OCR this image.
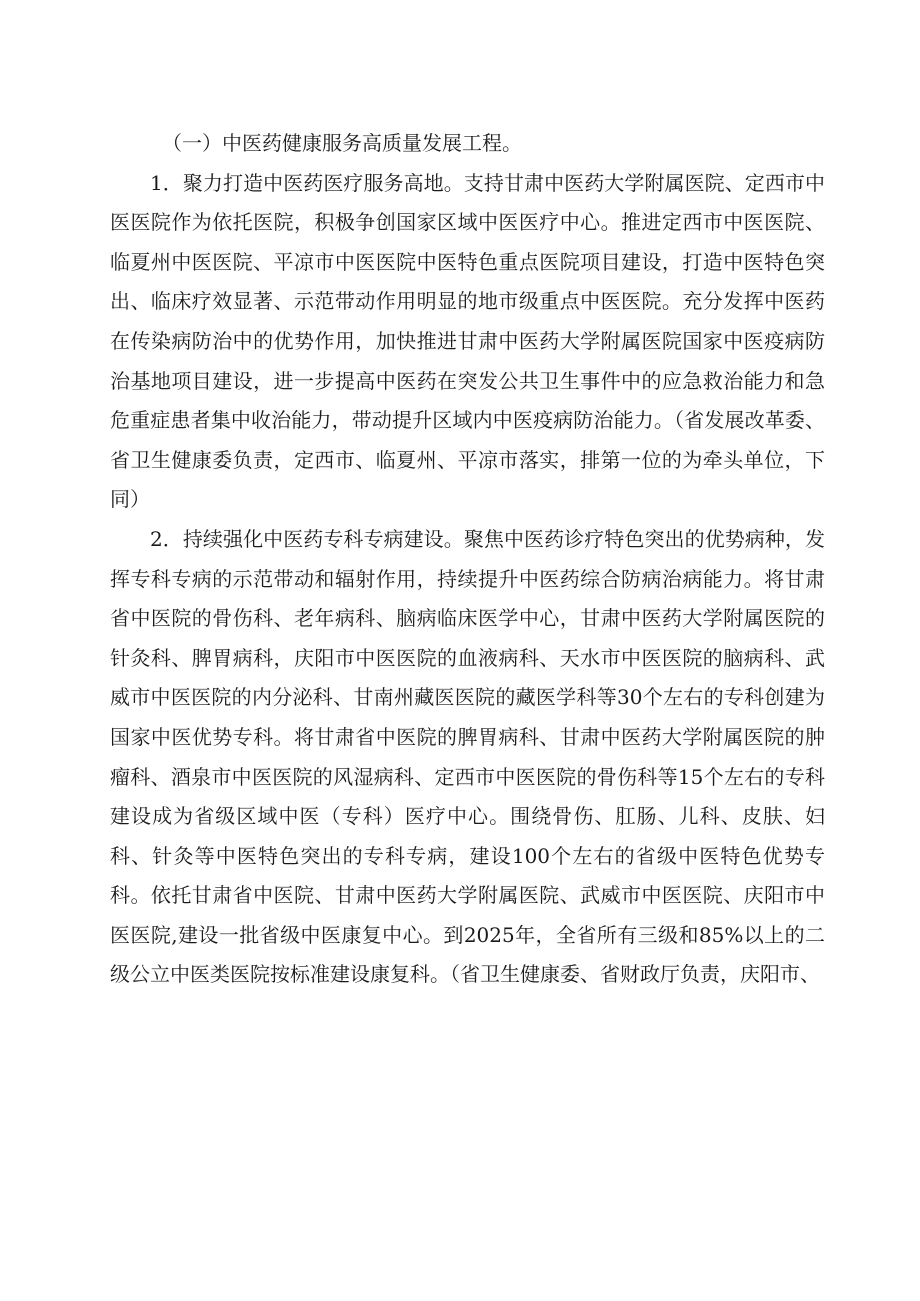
（一）中医药健康服务高质量发展工程。

1．聚力打造中医药医疗服务高地。支持甘肃中医药大学附属医院、定西市中医医院作为依托医院，积极争创国家区域中医医疗中心。推进定西市中医医院、临夏州中医医院、平凉市中医医院中医特色重点医院项目建设，打造中医特色突出、临床疗效显著、示范带动作用明显的地市级重点中医医院。充分发挥中医药在传染病防治中的优势作用，加快推进甘肃中医药大学附属医院国家中医疫病防治基地项目建设，进一步提高中医药在突发公共卫生事件中的应急救治能力和急危重症患者集中收治能力，带动提升区域内中医疫病防治能力。（省发展改革委、省卫生健康委负责，定西市、临夏州、平凉市落实，排第一位的为牵头单位，下同）

2．持续强化中医药专科专病建设。聚焦中医药诊疗特色突出的优势病种，发挥专科专病的示范带动和辐射作用，持续提升中医药综合防病治病能力。将甘肃省中医院的骨伤科、老年病科、脑病临床医学中心，甘肃中医药大学附属医院的针灸科、脾胃病科，庆阳市中医医院的血液病科、天水市中医医院的脑病科、武威市中医医院的内分泌科、甘南州藏医医院的藏医学科等30个左右的专科创建为国家中医优势专科。将甘肃省中医院的脾胃病科、甘肃中医药大学附属医院的肿瘤科、酒泉市中医医院的风湿病科、定西市中医医院的骨伤科等15个左右的专科建设成为省级区域中医（专科）医疗中心。围绕骨伤、肛肠、儿科、皮肤、妇科、针灸等中医特色突出的专科专病，建设100个左右的省级中医特色优势专科。依托甘肃省中医院、甘肃中医药大学附属医院、武威市中医医院、庆阳市中医医院,建设一批省级中医康复中心。到2025年，全省所有三级和85%以上的二级公立中医类医院按标准建设康复科。（省卫生健康委、省财政厅负责，庆阳市、
